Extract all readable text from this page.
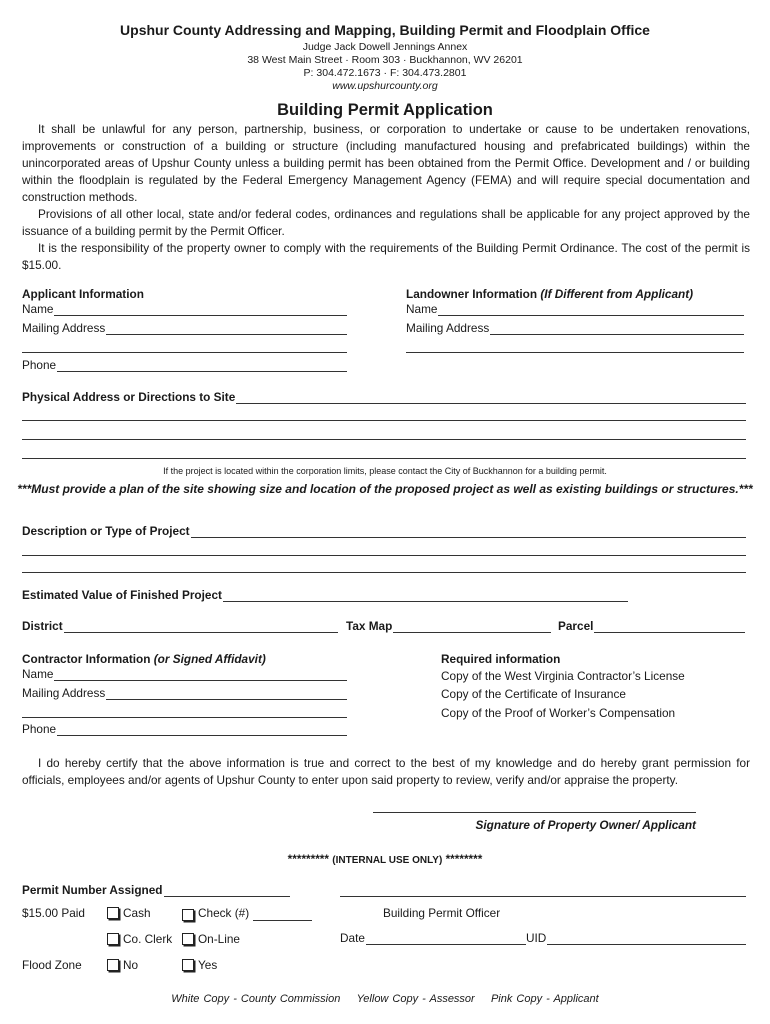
Upshur County Addressing and Mapping, Building Permit and Floodplain Office
Judge Jack Dowell Jennings Annex
38 West Main Street · Room 303 · Buckhannon, WV 26201
P: 304.472.1673 · F: 304.473.2801
www.upshurcounty.org
Building Permit Application
It shall be unlawful for any person, partnership, business, or corporation to undertake or cause to be undertaken renovations, improvements or construction of a building or structure (including manufactured housing and prefabricated buildings) within the unincorporated areas of Upshur County unless a building permit has been obtained from the Permit Office. Development and / or building within the floodplain is regulated by the Federal Emergency Management Agency (FEMA) and will require special documentation and construction methods.
Provisions of all other local, state and/or federal codes, ordinances and regulations shall be applicable for any project approved by the issuance of a building permit by the Permit Officer.
It is the responsibility of the property owner to comply with the requirements of the Building Permit Ordinance. The cost of the permit is $15.00.
Applicant Information
Name
Mailing Address
Phone
Landowner Information (If Different from Applicant)
Name
Mailing Address
Physical Address or Directions to Site
If the project is located within the corporation limits, please contact the City of Buckhannon for a building permit.
***Must provide a plan of the site showing size and location of the proposed project as well as existing buildings or structures.***
Description or Type of Project
Estimated Value of Finished Project
District	Tax Map	Parcel
Contractor Information (or Signed Affidavit)
Name
Mailing Address
Phone
Required information
Copy of the West Virginia Contractor’s License
Copy of the Certificate of Insurance
Copy of the Proof of Worker’s Compensation
I do hereby certify that the above information is true and correct to the best of my knowledge and do hereby grant permission for officials, employees and/or agents of Upshur County to enter upon said property to review, verify and/or appraise the property.
Signature of Property Owner/ Applicant
********* (INTERNAL USE ONLY) ********
Permit Number Assigned
Building Permit Officer
$15.00 Paid	Cash	Check (#)
Co. Clerk	On-Line	Date	UID
Flood Zone	No	Yes
White Copy - County Commission Yellow Copy - Assessor Pink Copy - Applicant
